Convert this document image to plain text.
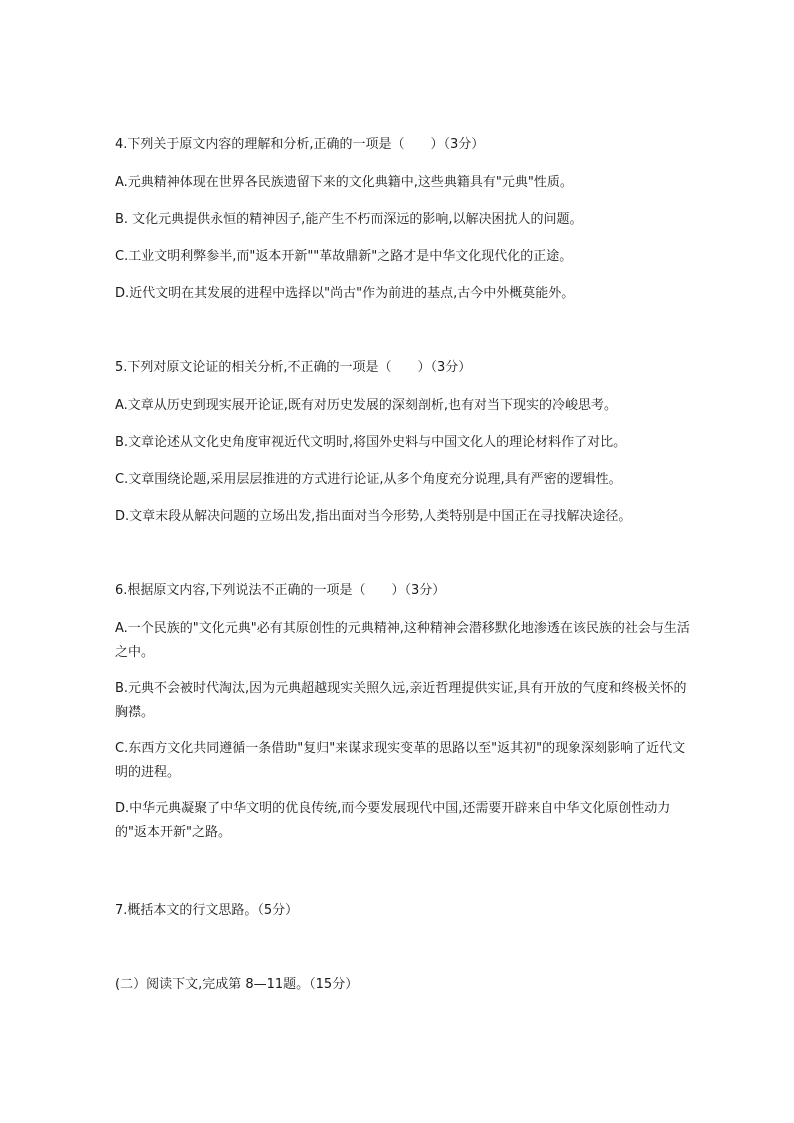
4.下列关于原文内容的理解和分析,正确的一项是（　　）（3分）
A.元典精神体现在世界各民族遗留下来的文化典籍中,这些典籍具有"元典"性质。
B. 文化元典提供永恒的精神因子,能产生不朽而深远的影响,以解决困扰人的问题。
C.工业文明利弊参半,而"返本开新""革故鼎新"之路才是中华文化现代化的正途。
D.近代文明在其发展的进程中选择以"尚古"作为前进的基点,古今中外概莫能外。
5.下列对原文论证的相关分析,不正确的一项是（　　）（3分）
A.文章从历史到现实展开论证,既有对历史发展的深刻剖析,也有对当下现实的冷峻思考。
B.文章论述从文化史角度审视近代文明时,将国外史料与中国文化人的理论材料作了对比。
C.文章围绕论题,采用层层推进的方式进行论证,从多个角度充分说理,具有严密的逻辑性。
D.文章末段从解决问题的立场出发,指出面对当今形势,人类特别是中国正在寻找解决途径。
6.根据原文内容,下列说法不正确的一项是（　　）（3分）
A.一个民族的"文化元典"必有其原创性的元典精神,这种精神会潜移默化地渗透在该民族的社会与生活之中。
B.元典不会被时代淘汰,因为元典超越现实关照久远,亲近哲理提供实证,具有开放的气度和终极关怀的胸襟。
C.东西方文化共同遵循一条借助"复归"来谋求现实变革的思路以至"返其初"的现象深刻影响了近代文明的进程。
D.中华元典凝聚了中华文明的优良传统,而今要发展现代中国,还需要开辟来自中华文化原创性动力的"返本开新"之路。
7.概括本文的行文思路。（5分）
(二）阅读下文,完成第 8—11题。（15分）
